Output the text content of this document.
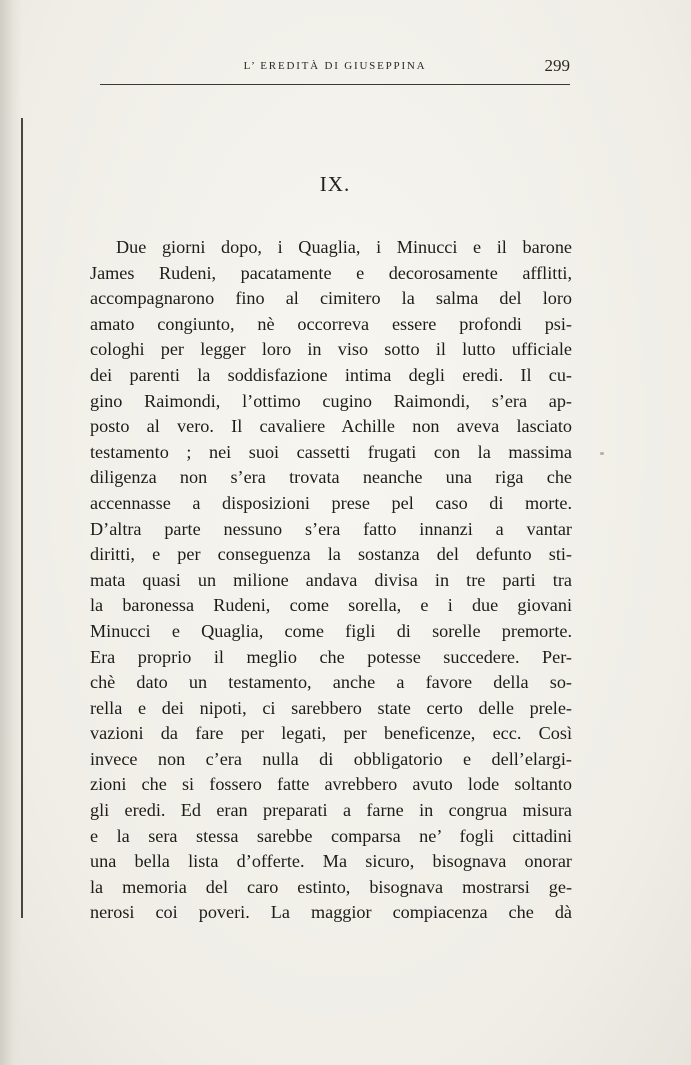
L’ EREDITÀ DI GIUSEPPINA	299
IX.
Due giorni dopo, i Quaglia, i Minucci e il barone
James Rudeni, pacatamente e decorosamente afflitti,
accompagnarono fino al cimitero la salma del loro
amato congiunto, nè occorreva essere profondi psi-
cologhi per legger loro in viso sotto il lutto ufficiale
dei parenti la soddisfazione intima degli eredi. Il cu-
gino Raimondi, l’ottimo cugino Raimondi, s’era ap-
posto al vero. Il cavaliere Achille non aveva lasciato
testamento ; nei suoi cassetti frugati con la massima
diligenza non s’era trovata neanche una riga che
accennasse a disposizioni prese pel caso di morte.
D’altra parte nessuno s’era fatto innanzi a vantar
diritti, e per conseguenza la sostanza del defunto sti-
mata quasi un milione andava divisa in tre parti tra
la baronessa Rudeni, come sorella, e i due giovani
Minucci e Quaglia, come figli di sorelle premorte.
Era proprio il meglio che potesse succedere. Per-
chè dato un testamento, anche a favore della so-
rella e dei nipoti, ci sarebbero state certo delle prele-
vazioni da fare per legati, per beneficenze, ecc. Così
invece non c’era nulla di obbligatorio e dell’elargi-
zioni che si fossero fatte avrebbero avuto lode soltanto
gli eredi. Ed eran preparati a farne in congrua misura
e la sera stessa sarebbe comparsa ne’ fogli cittadini
una bella lista d’offerte. Ma sicuro, bisognava onorar
la memoria del caro estinto, bisognava mostrarsi ge-
nerosi coi poveri. La maggior compiacenza che dà
